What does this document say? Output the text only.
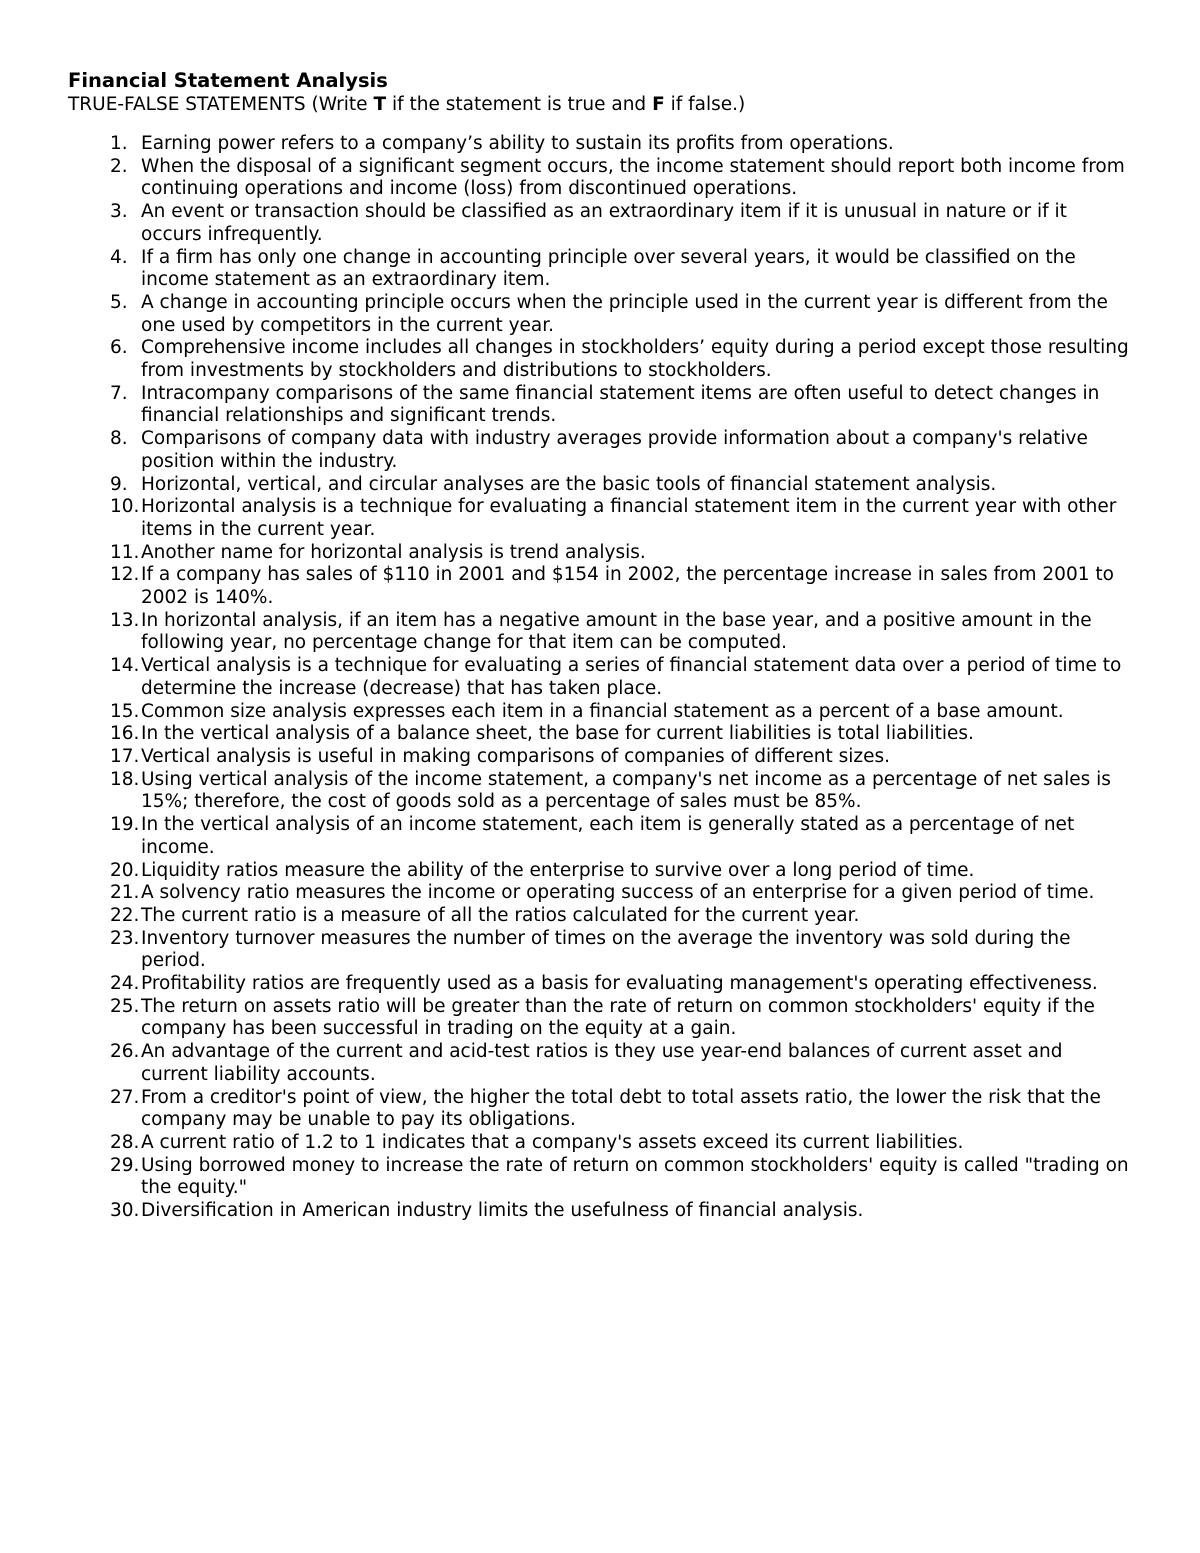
Financial Statement Analysis

TRUE-FALSE STATEMENTS (Write T if the statement is true and F if false.)

1. Earning power refers to a company’s ability to sustain its profits from operations.
2. When the disposal of a significant segment occurs, the income statement should report both income from continuing operations and income (loss) from discontinued operations.
3. An event or transaction should be classified as an extraordinary item if it is unusual in nature or if it occurs infrequently.
4. If a firm has only one change in accounting principle over several years, it would be classified on the income statement as an extraordinary item.
5. A change in accounting principle occurs when the principle used in the current year is different from the one used by competitors in the current year.
6. Comprehensive income includes all changes in stockholders’ equity during a period except those resulting from investments by stockholders and distributions to stockholders.
7. Intracompany comparisons of the same financial statement items are often useful to detect changes in financial relationships and significant trends.
8. Comparisons of company data with industry averages provide information about a company's relative position within the industry.
9. Horizontal, vertical, and circular analyses are the basic tools of financial statement analysis.
10. Horizontal analysis is a technique for evaluating a financial statement item in the current year with other items in the current year.
11. Another name for horizontal analysis is trend analysis.
12. If a company has sales of $110 in 2001 and $154 in 2002, the percentage increase in sales from 2001 to 2002 is 140%.
13. In horizontal analysis, if an item has a negative amount in the base year, and a positive amount in the following year, no percentage change for that item can be computed.
14. Vertical analysis is a technique for evaluating a series of financial statement data over a period of time to determine the increase (decrease) that has taken place.
15. Common size analysis expresses each item in a financial statement as a percent of a base amount.
16. In the vertical analysis of a balance sheet, the base for current liabilities is total liabilities.
17. Vertical analysis is useful in making comparisons of companies of different sizes.
18. Using vertical analysis of the income statement, a company's net income as a percentage of net sales is 15%; therefore, the cost of goods sold as a percentage of sales must be 85%.
19. In the vertical analysis of an income statement, each item is generally stated as a percentage of net income.
20. Liquidity ratios measure the ability of the enterprise to survive over a long period of time.
21. A solvency ratio measures the income or operating success of an enterprise for a given period of time.
22. The current ratio is a measure of all the ratios calculated for the current year.
23. Inventory turnover measures the number of times on the average the inventory was sold during the period.
24. Profitability ratios are frequently used as a basis for evaluating management's operating effectiveness.
25. The return on assets ratio will be greater than the rate of return on common stockholders' equity if the company has been successful in trading on the equity at a gain.
26. An advantage of the current and acid-test ratios is they use year-end balances of current asset and current liability accounts.
27. From a creditor's point of view, the higher the total debt to total assets ratio, the lower the risk that the company may be unable to pay its obligations.
28. A current ratio of 1.2 to 1 indicates that a company's assets exceed its current liabilities.
29. Using borrowed money to increase the rate of return on common stockholders' equity is called "trading on the equity."
30. Diversification in American industry limits the usefulness of financial analysis.
